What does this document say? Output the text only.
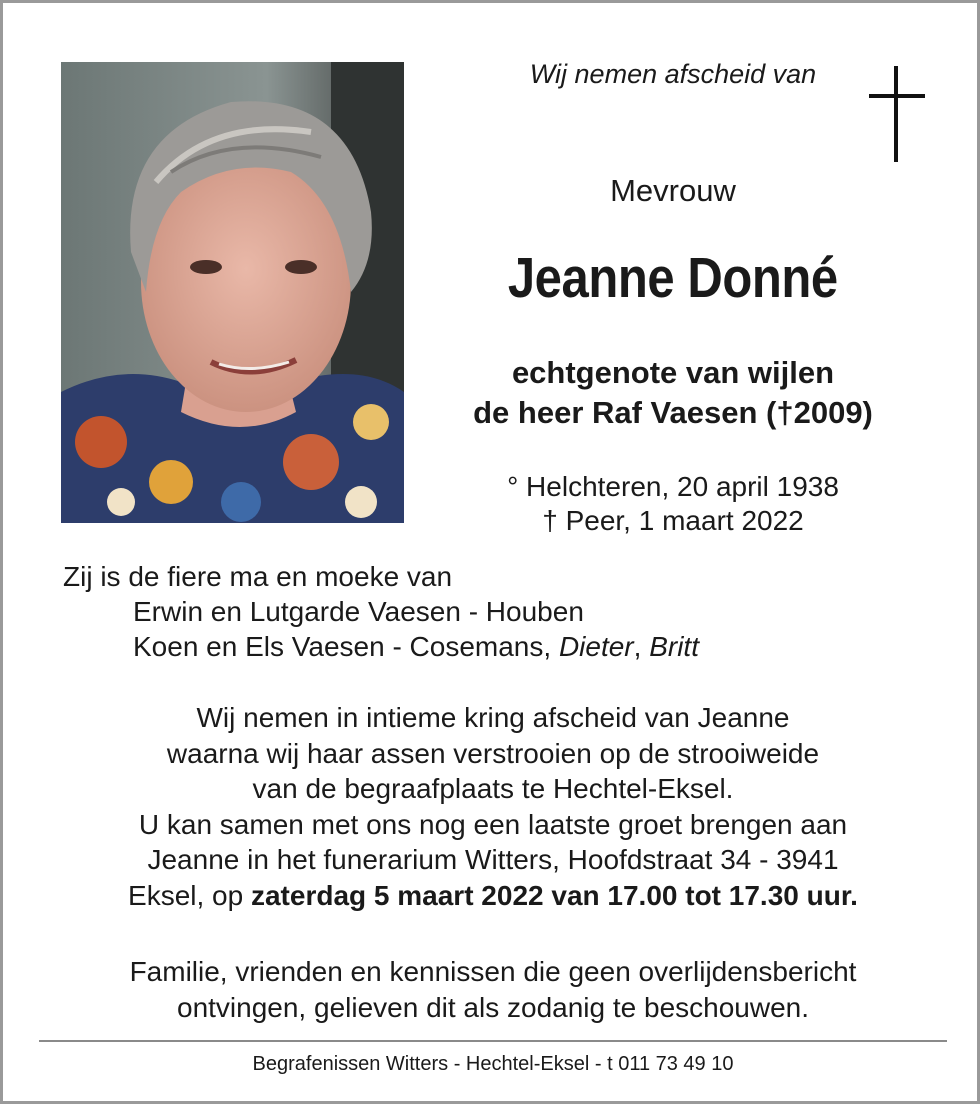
Wij nemen afscheid van
Mevrouw
Jeanne Donné
echtgenote van wijlen
de heer Raf Vaesen (†2009)
° Helchteren, 20 april 1938
† Peer, 1 maart 2022
Zij is de fiere ma en moeke van
Erwin en Lutgarde Vaesen - Houben
Koen en Els Vaesen - Cosemans, Dieter, Britt
Wij nemen in intieme kring afscheid van Jeanne
waarna wij haar assen verstrooien op de strooiweide
van de begraafplaats te Hechtel-Eksel.
U kan samen met ons nog een laatste groet brengen aan
Jeanne in het funerarium Witters, Hoofdstraat 34 - 3941
Eksel, op zaterdag 5 maart 2022 van 17.00 tot 17.30 uur.
Familie, vrienden en kennissen die geen overlijdensbericht
ontvingen, gelieven dit als zodanig te beschouwen.
Begrafenissen Witters - Hechtel-Eksel - t 011 73 49 10
